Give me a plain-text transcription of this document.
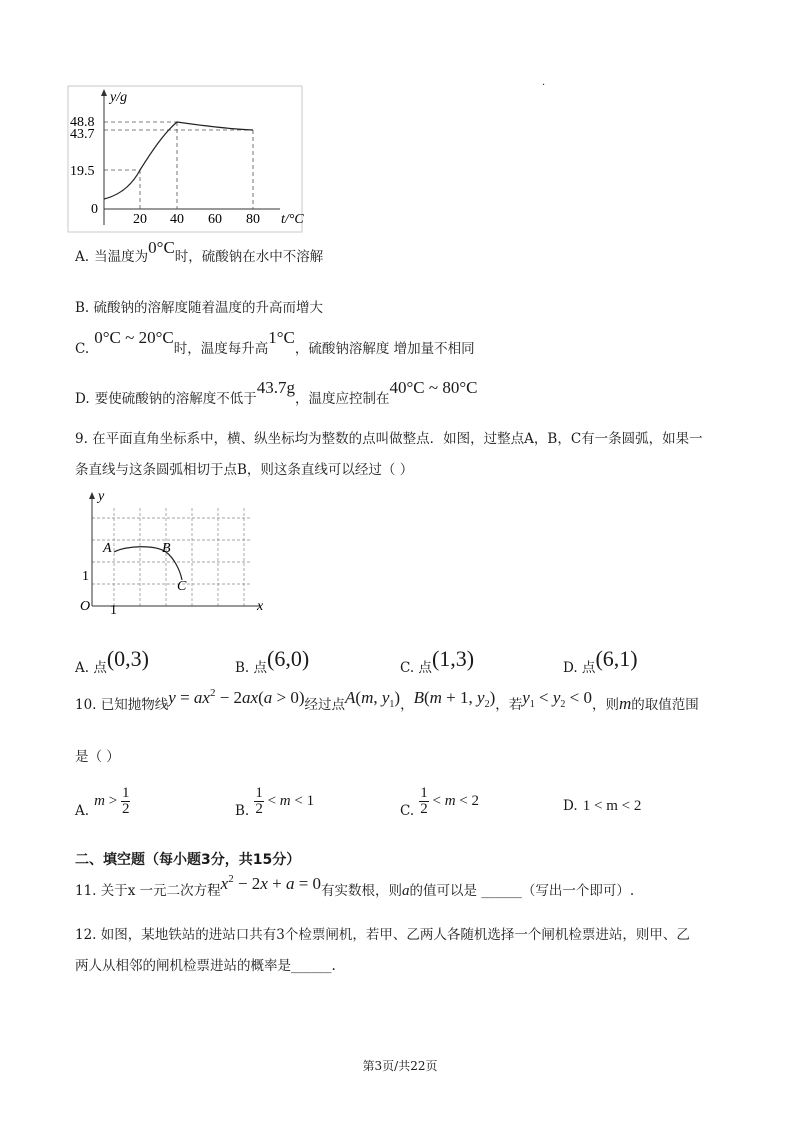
.
y/g
48.8
43.7
19.5
0
20 40 60 80 t/°C
A. 当温度为0°C时，硫酸钠在水中不溶解
B. 硫酸钠的溶解度随着温度的升高而增大
$_{C.}$ 0°C ~ $20^\circ C_{时,温度每升高}1^\circ C_{,硫酸钠溶解度 增加量不相同}$
$_{D.}$ $_{要使硫酸钠的溶解度不低于}43.7g_{,温度应控制在}40^\circ C$ ~ 80°C
9. 在平面直角坐标系中，横、纵坐标均为整数的点叫做整点．如图，过整点A，B，C有一条圆弧，如果一
条直线与这条圆弧相切于点B，则这条直线可以经过（ ）
y
x
O 1
1
A	B
C
$_{A. 点}$(0,3)	$_{B. 点}$(6,0)	$_{C. 点}$(1,3)	$_{D. 点}$(6,1)
10. 已知抛物线$y = ax^2 - 2ax(a > 0)$经过点A(m, $y_1$)，B(m + 1, $y_2$)，若$y_1 < y_2 < 0$，则m的取值范围
是（ ）
$_{A.}$ $m > \frac{1}{2}$	$_{B.} \frac{1}{2} < m < 1$
$_{C.} \frac{1}{2} < m < 2$	D. 1 < m < 2
二、填空题（每小题3分，共15分）
11. 关于x 一元二次方程$x^2 - 2x + a = 0$有实数根，则a的值可以是 ______（写出一个即可）.
12. 如图，某地铁站的进站口共有3个检票闸机，若甲、乙两人各随机选择一个闸机检票进站，则甲、乙
两人从相邻的闸机检票进站的概率是______.
第3页/共22页
